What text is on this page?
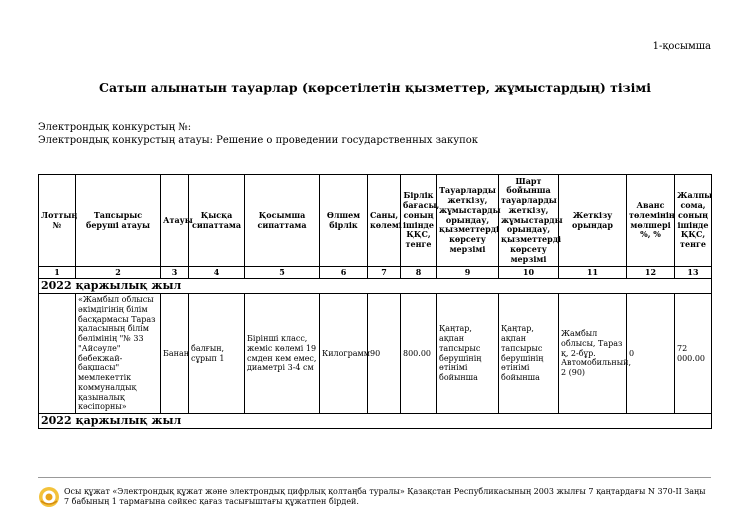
1-қосымша
Сатып алынатын тауарлар (көрсетілетін қызметтер, жұмыстардың) тізімі
Электрондық конкурстың №:
Электрондық конкурстың атауы: Решение о проведении государственных закупок
Лоттың №	Тапсырыс беруші атауы	Атауы	Қысқа сипаттама	Қосымша сипаттама	Өлшем бірлік	Саны, көлемі	Бірлік бағасы, соның ішінде ҚҚС, тенге	Тауарларды жеткізу, жұмыстарды орындау, қызметтерді көрсету мерзімі	Шарт бойынша тауарларды жеткізу, жұмыстарды орындау, қызметтерді көрсету мерзімі	Жеткізу орындар	Аванс төлемінің мөлшері %, %	Жалпы сома, соның ішінде ҚҚС, тенге
1	2	3	4	5	6	7	8	9	10	11	12	13
2022 қаржылық жыл												
	«Жамбыл облысы әкімдігінің білім басқармасы Тараз қаласының білім бөлімінің "№ 33 "Айсәуле" бөбекжай-бақшасы" мемлекеттік коммуналдық қазыналық кәсіпорны»	Банан	балғын, сұрып 1	Бірінші класс, жеміс көлемі 19 смден кем емес, диаметрі 3-4 см	Килограмм	90	800.00	Қаңтар, ақпан тапсырыс берушінің өтінімі бойынша	Қаңтар, ақпан тапсырыс берушінің өтінімі бойынша	Жамбыл облысы, Тараз қ, 2-бұр. Автомобильный, 2 (90)	0	72 000.00
2022 қаржылық жыл												
Осы құжат «Электрондық құжат және электрондық цифрлық қолтаңба туралы» Қазақстан Республикасының 2003 жылғы 7 қаңтардағы N 370-II Заңы 7 бабының 1 тармағына сәйкес қағаз тасығыштағы құжатпен бірдей.
